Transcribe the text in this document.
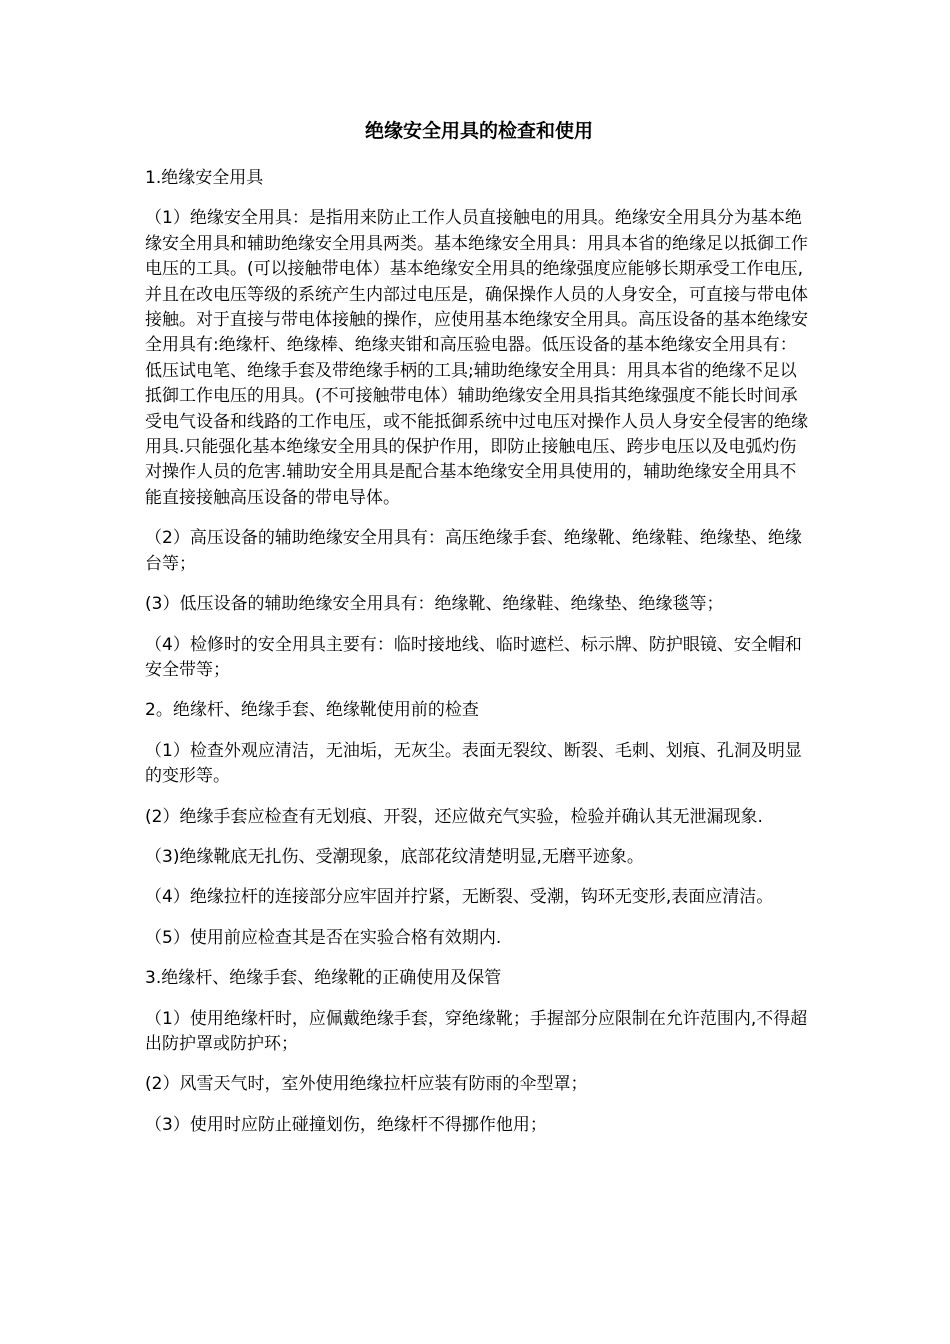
绝缘安全用具的检查和使用

1.绝缘安全用具

（1）绝缘安全用具：是指用来防止工作人员直接触电的用具。绝缘安全用具分为基本绝缘安全用具和辅助绝缘安全用具两类。基本绝缘安全用具：用具本省的绝缘足以抵御工作电压的工具。(可以接触带电体）基本绝缘安全用具的绝缘强度应能够长期承受工作电压,并且在改电压等级的系统产生内部过电压是，确保操作人员的人身安全，可直接与带电体接触。对于直接与带电体接触的操作，应使用基本绝缘安全用具。高压设备的基本绝缘安全用具有:绝缘杆、绝缘棒、绝缘夹钳和高压验电器。低压设备的基本绝缘安全用具有：低压试电笔、绝缘手套及带绝缘手柄的工具;辅助绝缘安全用具：用具本省的绝缘不足以抵御工作电压的用具。(不可接触带电体）辅助绝缘安全用具指其绝缘强度不能长时间承受电气设备和线路的工作电压，或不能抵御系统中过电压对操作人员人身安全侵害的绝缘用具.只能强化基本绝缘安全用具的保护作用，即防止接触电压、跨步电压以及电弧灼伤对操作人员的危害.辅助安全用具是配合基本绝缘安全用具使用的，辅助绝缘安全用具不能直接接触高压设备的带电导体。

（2）高压设备的辅助绝缘安全用具有：高压绝缘手套、绝缘靴、绝缘鞋、绝缘垫、绝缘台等；

(3）低压设备的辅助绝缘安全用具有：绝缘靴、绝缘鞋、绝缘垫、绝缘毯等；

（4）检修时的安全用具主要有：临时接地线、临时遮栏、标示牌、防护眼镜、安全帽和安全带等；

2。绝缘杆、绝缘手套、绝缘靴使用前的检查

（1）检查外观应清洁，无油垢，无灰尘。表面无裂纹、断裂、毛刺、划痕、孔洞及明显的变形等。

(2）绝缘手套应检查有无划痕、开裂，还应做充气实验，检验并确认其无泄漏现象.

（3)绝缘靴底无扎伤、受潮现象，底部花纹清楚明显,无磨平迹象。

（4）绝缘拉杆的连接部分应牢固并拧紧，无断裂、受潮，钩环无变形,表面应清洁。

（5）使用前应检查其是否在实验合格有效期内.

3.绝缘杆、绝缘手套、绝缘靴的正确使用及保管

（1）使用绝缘杆时，应佩戴绝缘手套，穿绝缘靴；手握部分应限制在允许范围内,不得超出防护罩或防护环；

(2）风雪天气时，室外使用绝缘拉杆应装有防雨的伞型罩；

（3）使用时应防止碰撞划伤，绝缘杆不得挪作他用；
